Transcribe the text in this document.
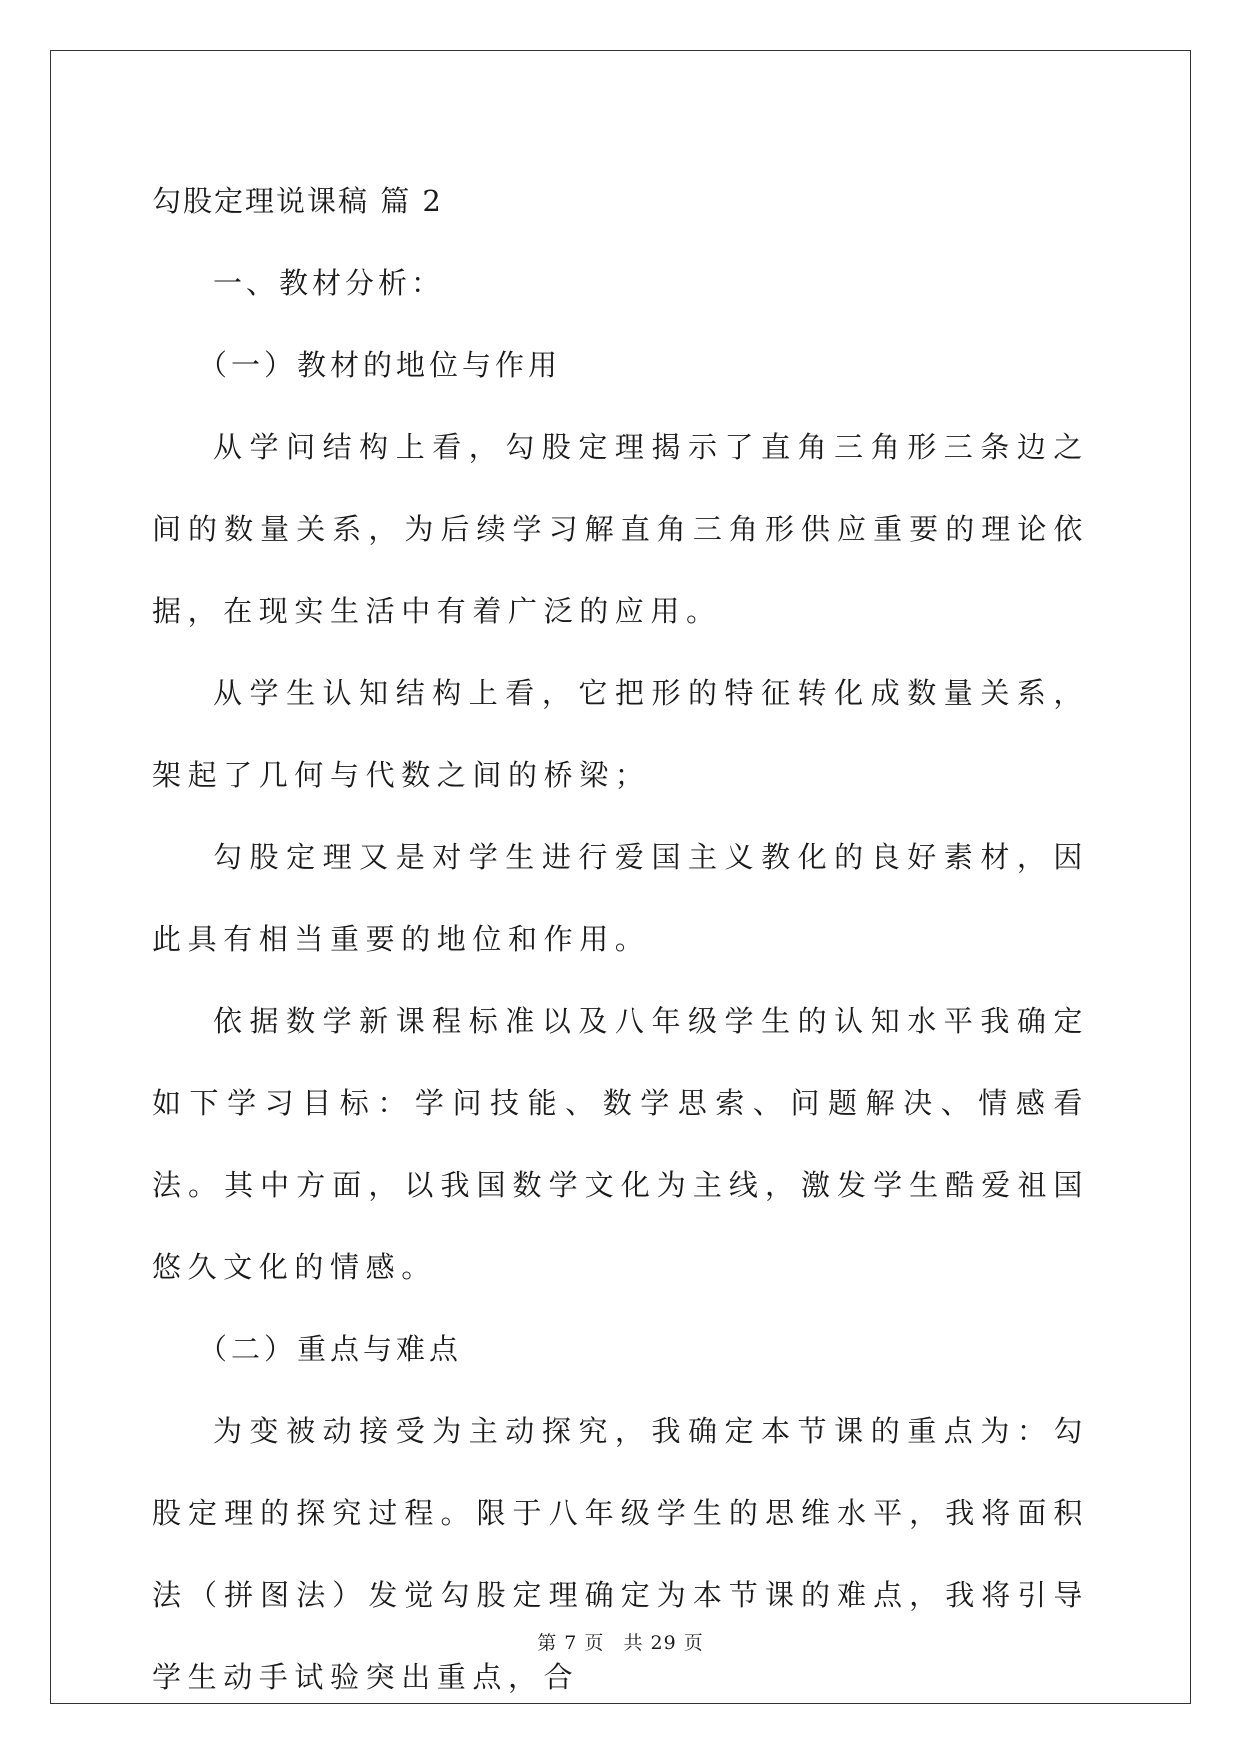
勾股定理说课稿 篇 2

一、教材分析：

（一）教材的地位与作用

从学问结构上看，勾股定理揭示了直角三角形三条边之间的数量关系，为后续学习解直角三角形供应重要的理论依据，在现实生活中有着广泛的应用。

从学生认知结构上看，它把形的特征转化成数量关系，架起了几何与代数之间的桥梁；

勾股定理又是对学生进行爱国主义教化的良好素材，因此具有相当重要的地位和作用。

依据数学新课程标准以及八年级学生的认知水平我确定如下学习目标：学问技能、数学思索、问题解决、情感看法。其中方面，以我国数学文化为主线，激发学生酷爱祖国悠久文化的情感。

（二）重点与难点

为变被动接受为主动探究，我确定本节课的重点为：勾股定理的探究过程。限于八年级学生的思维水平，我将面积法（拼图法）发觉勾股定理确定为本节课的难点，我将引导学生动手试验突出重点，合

第 7 页 共 29 页
